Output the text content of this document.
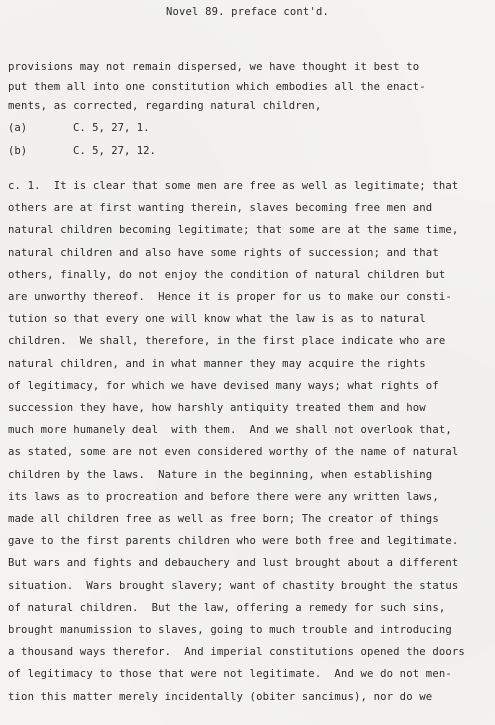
Novel 89. preface cont'd.
provisions may not remain dispersed, we have thought it best to
put them all into one constitution which embodies all the enact-
ments, as corrected, regarding natural children,
(a)	C. 5, 27, 1.
(b)	C. 5, 27, 12.
c. 1.  It is clear that some men are free as well as legitimate; that
others are at first wanting therein, slaves becoming free men and
natural children becoming legitimate; that some are at the same time,
natural children and also have some rights of succession; and that
others, finally, do not enjoy the condition of natural children but
are unworthy thereof.  Hence it is proper for us to make our consti-
tution so that every one will know what the law is as to natural
children.  We shall, therefore, in the first place indicate who are
natural children, and in what manner they may acquire the rights
of legitimacy, for which we have devised many ways; what rights of
succession they have, how harshly antiquity treated them and how
much more humanely deal  with them.  And we shall not overlook that,
as stated, some are not even considered worthy of the name of natural
children by the laws.  Nature in the beginning, when establishing
its laws as to procreation and before there were any written laws,
made all children free as well as free born; The creator of things
gave to the first parents children who were both free and legitimate.
But wars and fights and debauchery and lust brought about a different
situation.  Wars brought slavery; want of chastity brought the status
of natural children.  But the law, offering a remedy for such sins,
brought manumission to slaves, going to much trouble and introducing
a thousand ways therefor.  And imperial constitutions opened the doors
of legitimacy to those that were not legitimate.  And we do not men-
tion this matter merely incidentally (obiter sancimus), nor do we
